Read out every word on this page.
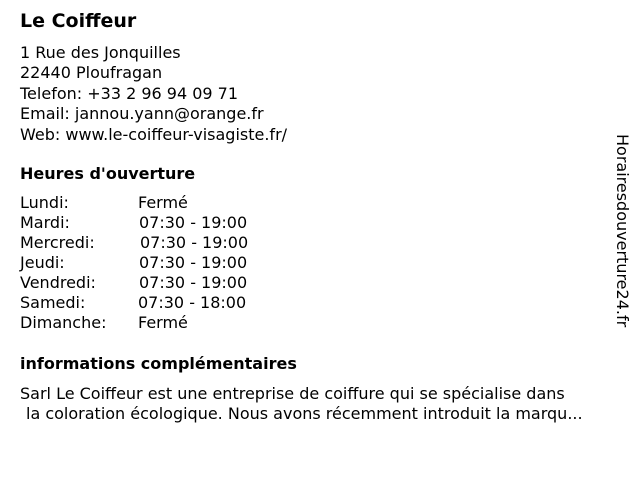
Le Coiffeur
1 Rue des Jonquilles
22440 Ploufragan
Telefon: +33 2 96 94 09 71
Email: jannou.yann@orange.fr
Web: www.le-coiffeur-visagiste.fr/
Heures d'ouverture
Lundi:	Fermé
Mardi:	07:30 - 19:00
Mercredi:	07:30 - 19:00
Jeudi:	07:30 - 19:00
Vendredi:	07:30 - 19:00
Samedi:	07:30 - 18:00
Dimanche: Fermé
informations complémentaires
Sarl Le Coiffeur est une entreprise de coiffure qui se spécialise dans
la coloration écologique. Nous avons récemment introduit la marqu...
Horairesdouverture24.fr
